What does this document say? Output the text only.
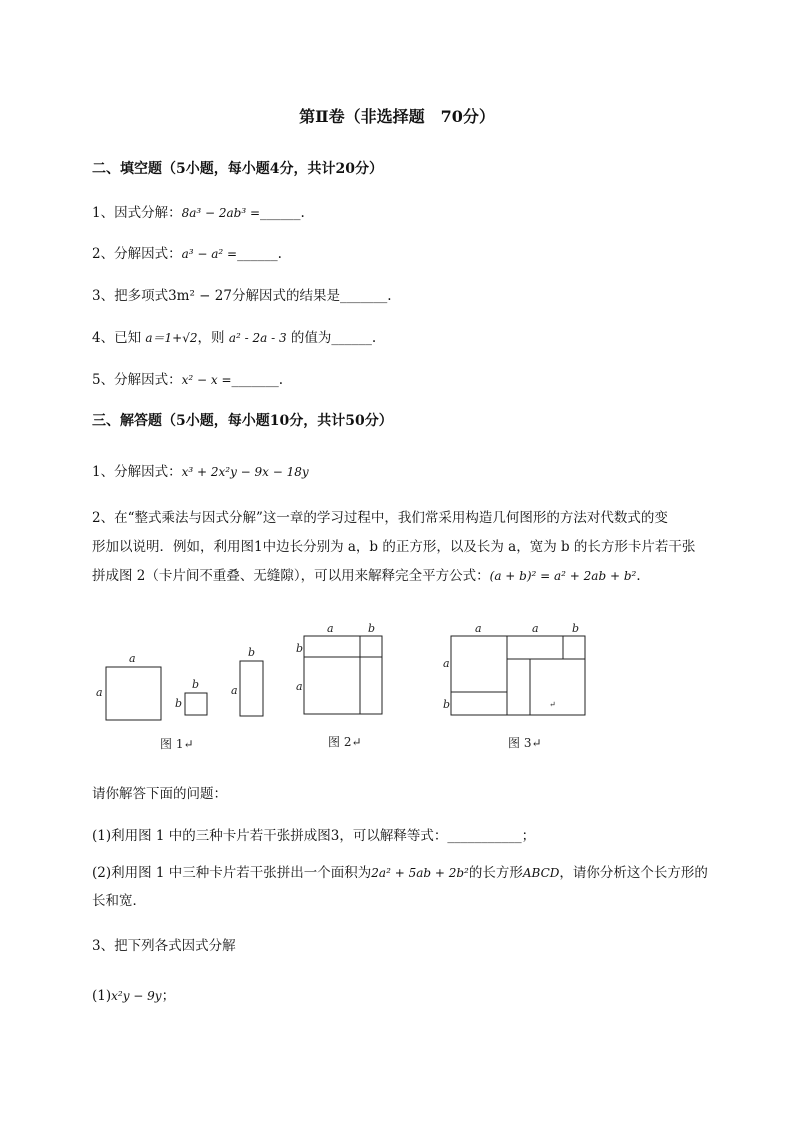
第Ⅱ卷（非选择题　70分）
二、填空题（5小题，每小题4分，共计20分）
1、因式分解：8a³ − 2ab³ =______.
2、分解因式：a³ − a² =______.
3、把多项式3m² − 27分解因式的结果是_______.
4、已知 a＝1+√2，则 a² - 2a - 3 的值为______.
5、分解因式：x² − x =_______.
三、解答题（5小题，每小题10分，共计50分）
1、分解因式：x³ + 2x²y − 9x − 18y
2、在“整式乘法与因式分解”这一章的学习过程中，我们常采用构造几何图形的方法对代数式的变
形加以说明．例如，利用图1中边长分别为 a，b 的正方形，以及长为 a，宽为 b 的长方形卡片若干张
拼成图 2（卡片间不重叠、无缝隙），可以用来解释完全平方公式：(a + b)² = a² + 2ab + b²．
a
a
b
b
b
a
a	b
b
a
a	a	b
a
b	↵
图 1↵	图 2↵	图 3↵
请你解答下面的问题：
(1)利用图 1 中的三种卡片若干张拼成图3，可以解释等式：___________；
(2)利用图 1 中三种卡片若干张拼出一个面积为2a² + 5ab + 2b²的长方形ABCD，请你分析这个长方形的
长和宽．
3、把下列各式因式分解
(1)x²y − 9y；
